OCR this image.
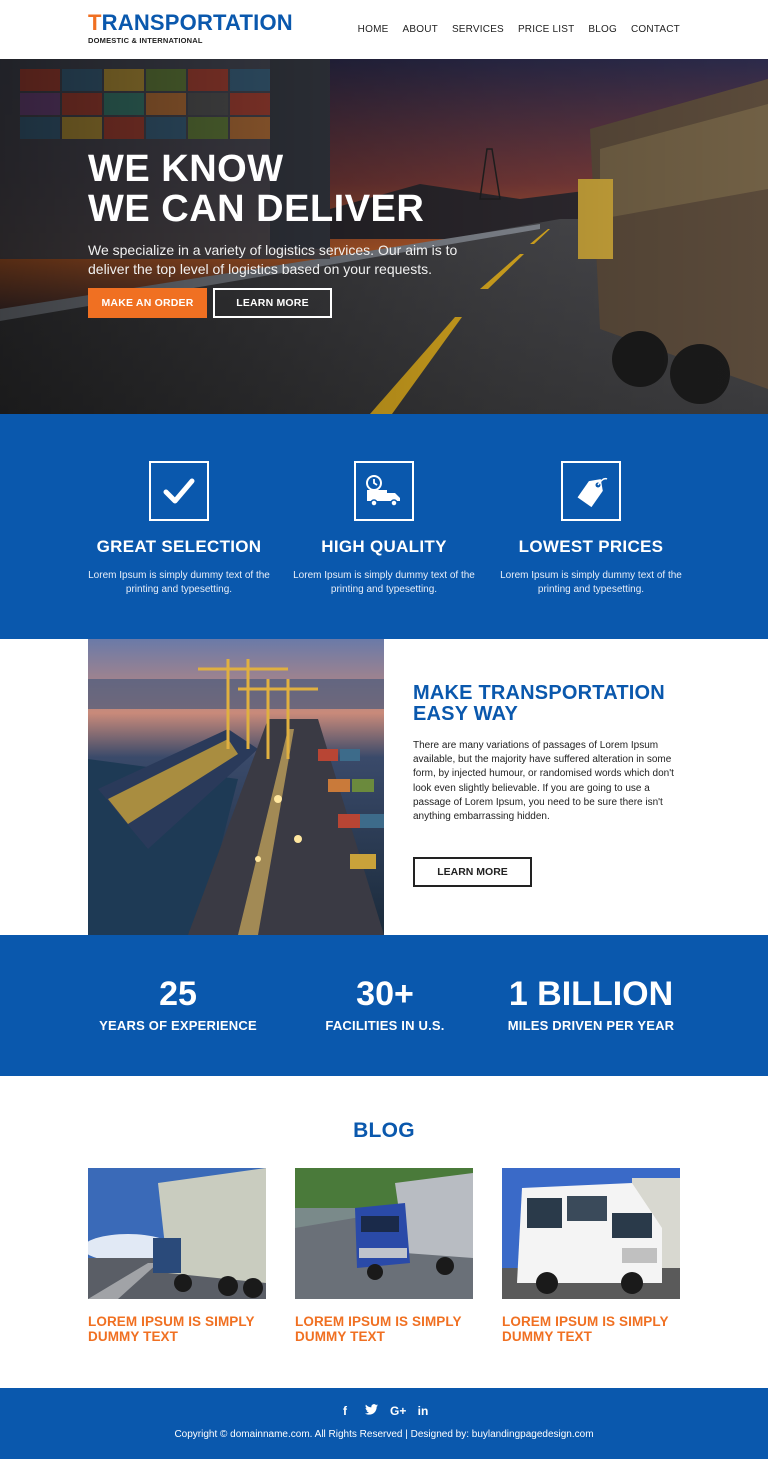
TRANSPORTATION
DOMESTIC & INTERNATIONAL
HOME ABOUT SERVICES PRICE LIST BLOG CONTACT
WE KNOW
WE CAN DELIVER

We specialize in a variety of logistics services. Our aim is to deliver the top level of logistics based on your requests.

MAKE AN ORDER	LEARN MORE
GREAT SELECTION
Lorem Ipsum is simply dummy text of the printing and typesetting.
HIGH QUALITY
Lorem Ipsum is simply dummy text of the printing and typesetting.
LOWEST PRICES
Lorem Ipsum is simply dummy text of the printing and typesetting.
MAKE TRANSPORTATION EASY WAY

There are many variations of passages of Lorem Ipsum available, but the majority have suffered alteration in some form, by injected humour, or randomised words which don't look even slightly believable. If you are going to use a passage of Lorem Ipsum, you need to be sure there isn't anything embarrassing hidden.

LEARN MORE
25
YEARS OF EXPERIENCE
30+
FACILITIES IN U.S.
1 BILLION
MILES DRIVEN PER YEAR
BLOG
LOREM IPSUM IS SIMPLY DUMMY TEXT
LOREM IPSUM IS SIMPLY DUMMY TEXT
LOREM IPSUM IS SIMPLY DUMMY TEXT
f	G+ in
Copyright © domainname.com. All Rights Reserved | Designed by: buylandingpagedesign.com
